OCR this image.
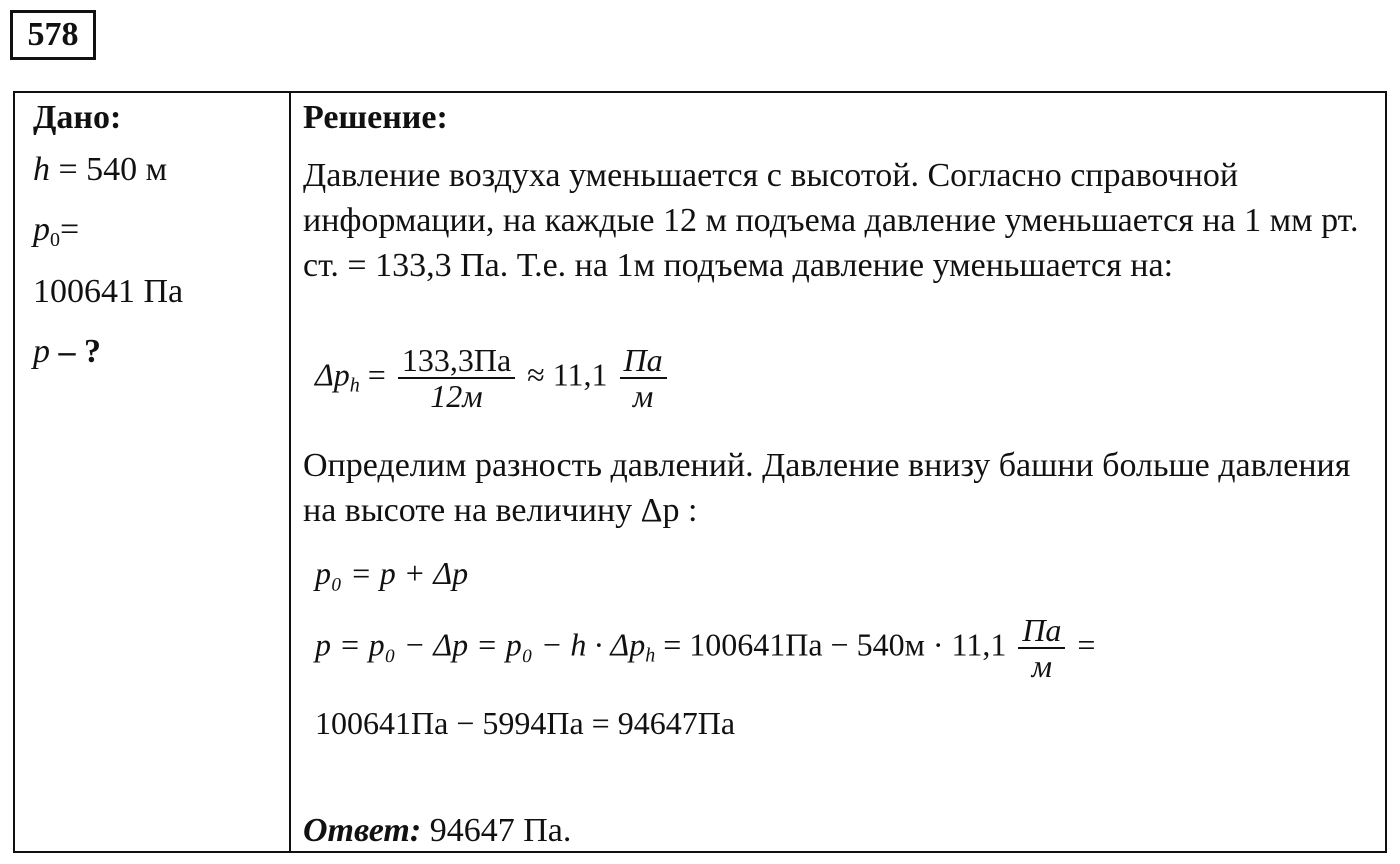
578
Дано:
h = 540 м
$p_0=$
100641 Па
p – ?
Решение:
Давление воздуха уменьшается с высотой. Согласно справочной информации, на каждые 12 м подъема давление уменьшается на 1 мм рт. ст. = 133,3 Па. Т.е. на 1м подъема давление уменьшается на:
$\Delta p_h = \frac{133,3Па}{12м} \approx 11,1 \frac{Па}{м}$
Определим разность давлений. Давление внизу башни больше давления на высоте на величину Δp :
p₀ = p + Δp
$p = p_0 - \Delta p = p_0 - h \cdot \Delta p_h = 100641Па - 540м \cdot 11,1 \frac{Па}{м}$ =
100641Па − 5994Па = 94647Па
Ответ: 94647 Па.
